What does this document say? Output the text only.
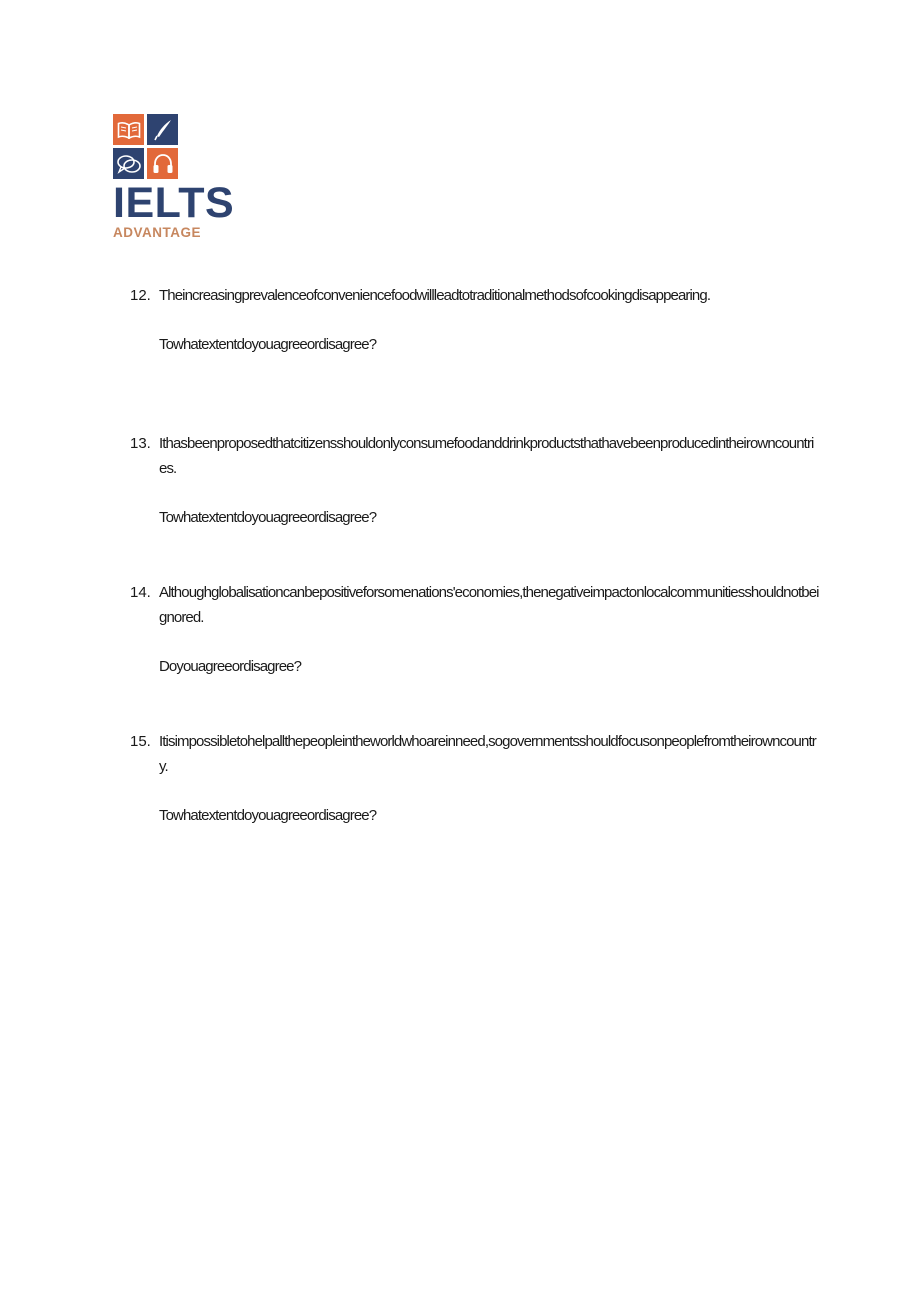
IELTS
ADVANTAGE
12. Theincreasingprevalenceofconveniencefoodwillleadtotraditionalmethodsofcookingdisappearing.
Towhatextentdoyouagreeordisagree?
13. Ithasbeenproposedthatcitizensshouldonlyconsumefoodanddrinkproductsthathavebeenproducedintheirowncountries.
Towhatextentdoyouagreeordisagree?
14. Althoughglobalisationcanbepositiveforsomenations'economies,thenegativeimpactonlocalcommunitiesshouldnotbeignored.
Doyouagreeordisagree?
15. Itisimpossibletohelpallthepeopleintheworldwhoareinneed,sogovernmentsshouldfocusonpeoplefromtheirowncountry.
Towhatextentdoyouagreeordisagree?
